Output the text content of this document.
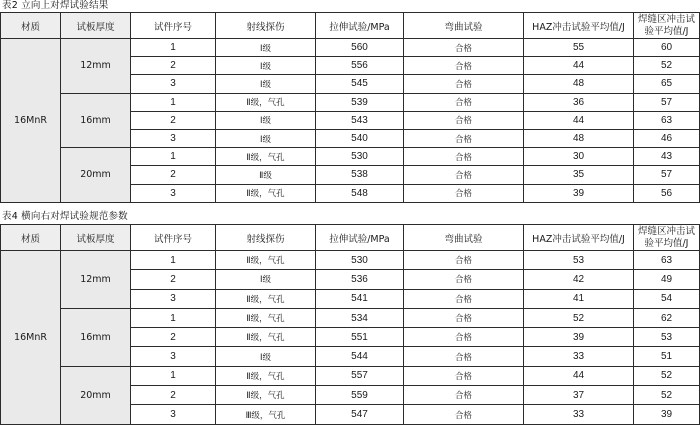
表2 立向上对焊试验结果
材质	试板厚度	试件序号	射线探伤	拉伸试验/MPa	弯曲试验	HAZ冲击试验平均值/J	焊缝区冲击试验平均值/J
16MnR	12mm	1	Ⅰ级	560	合格	55	60
		2	Ⅰ级	556	合格	44	52
		3	Ⅰ级	545	合格	48	65
	16mm	1	Ⅱ级，气孔	539	合格	36	57
		2	Ⅰ级	543	合格	44	63
		3	Ⅰ级	540	合格	48	46
	20mm	1	Ⅱ级，气孔	530	合格	30	43
		2	Ⅱ级	538	合格	35	57
		3	Ⅱ级，气孔	548	合格	39	56
表4 横向右对焊试验规范参数
材质	试板厚度	试件序号	射线探伤	拉伸试验/MPa	弯曲试验	HAZ冲击试验平均值/J	焊缝区冲击试验平均值/J
16MnR	12mm	1	Ⅱ级，气孔	530	合格	53	63
		2	Ⅰ级	536	合格	42	49
		3	Ⅱ级，气孔	541	合格	41	54
	16mm	1	Ⅱ级，气孔	534	合格	52	62
		2	Ⅱ级，气孔	551	合格	39	53
		3	Ⅰ级	544	合格	33	51
	20mm	1	Ⅱ级，气孔	557	合格	44	52
		2	Ⅱ级，气孔	559	合格	37	52
		3	Ⅲ级，气孔	547	合格	33	39
